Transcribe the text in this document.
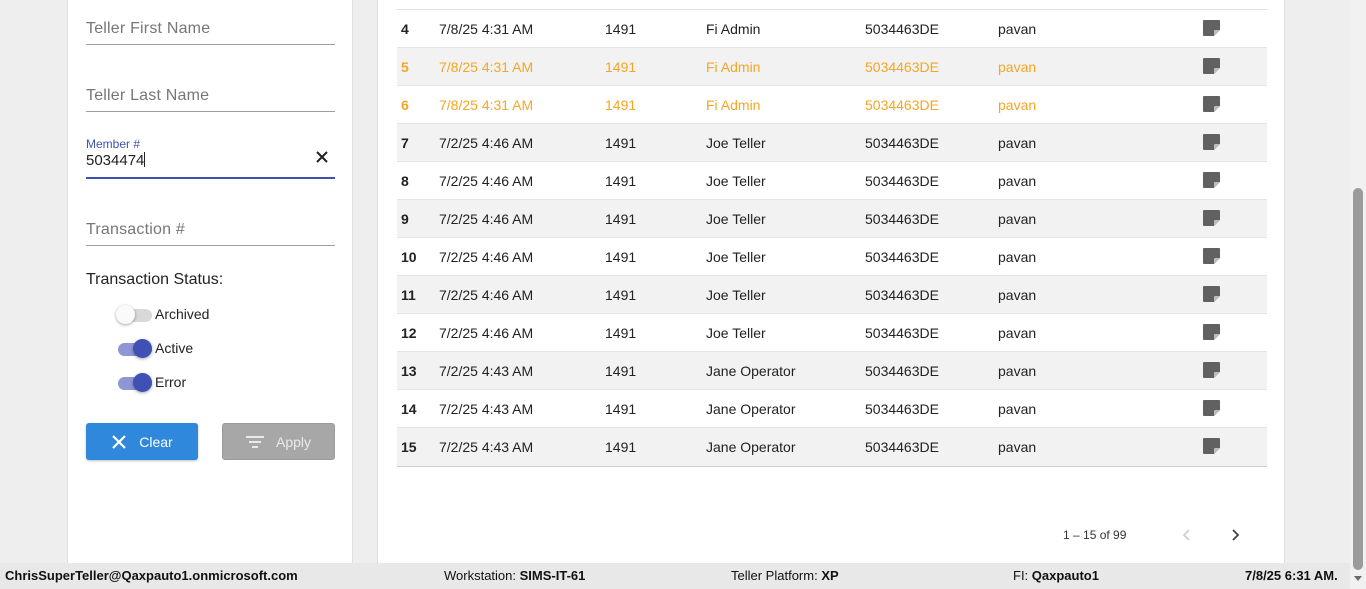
Teller First Name
Teller Last Name
Member #
5034474
Transaction #
Transaction Status:
Archived
Active
Error
Clear	Apply
4 7/8/25 4:31 AM	1491	Fi Admin	5034463DE	pavan
5 7/8/25 4:31 AM	1491	Fi Admin	5034463DE	pavan
6 7/8/25 4:31 AM	1491	Fi Admin	5034463DE	pavan
7 7/2/25 4:46 AM	1491	Joe Teller	5034463DE	pavan
8 7/2/25 4:46 AM	1491	Joe Teller	5034463DE	pavan
9 7/2/25 4:46 AM	1491	Joe Teller	5034463DE	pavan
10 7/2/25 4:46 AM	1491	Joe Teller	5034463DE	pavan
11 7/2/25 4:46 AM	1491	Joe Teller	5034463DE	pavan
12 7/2/25 4:46 AM	1491	Joe Teller	5034463DE	pavan
13 7/2/25 4:43 AM	1491	Jane Operator	5034463DE	pavan
14 7/2/25 4:43 AM	1491	Jane Operator	5034463DE	pavan
15 7/2/25 4:43 AM	1491	Jane Operator	5034463DE	pavan
1 – 15 of 99
ChrisSuperTeller@Qaxpauto1.onmicrosoft.com	Workstation: SIMS-IT-61	Teller Platform: XP	FI: Qaxpauto1	7/8/25 6:31 AM.
